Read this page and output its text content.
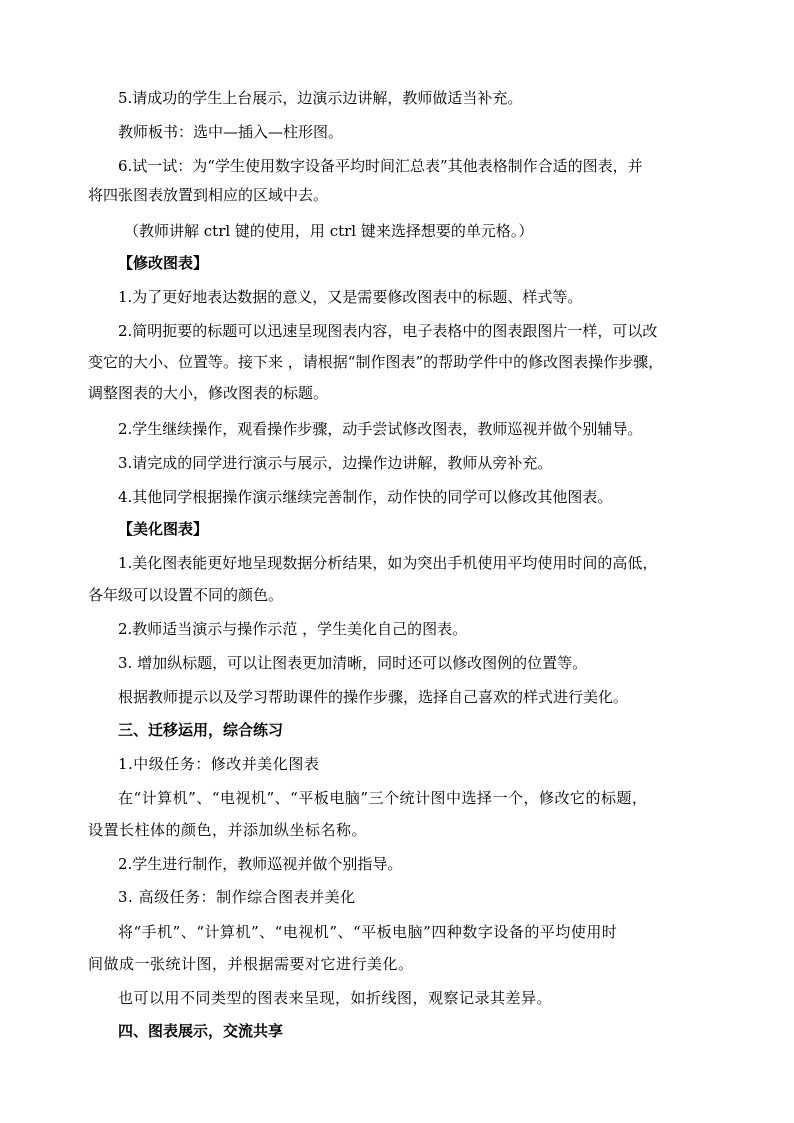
5.请成功的学生上台展示，边演示边讲解，教师做适当补充。
教师板书：选中—插入—柱形图。
6.试一试：为“学生使用数字设备平均时间汇总表”其他表格制作合适的图表，并
将四张图表放置到相应的区域中去。
（教师讲解 ctrl 键的使用，用 ctrl 键来选择想要的单元格。）
【修改图表】
1.为了更好地表达数据的意义，又是需要修改图表中的标题、样式等。
2.简明扼要的标题可以迅速呈现图表内容，电子表格中的图表跟图片一样，可以改
变它的大小、位置等。接下来 ，请根据“制作图表”的帮助学件中的修改图表操作步骤，
调整图表的大小，修改图表的标题。
2.学生继续操作，观看操作步骤，动手尝试修改图表，教师巡视并做个别辅导。
3.请完成的同学进行演示与展示，边操作边讲解，教师从旁补充。
4.其他同学根据操作演示继续完善制作，动作快的同学可以修改其他图表。
【美化图表】
1.美化图表能更好地呈现数据分析结果，如为突出手机使用平均使用时间的高低，
各年级可以设置不同的颜色。
2.教师适当演示与操作示范 ，学生美化自己的图表。
3. 增加纵标题，可以让图表更加清晰，同时还可以修改图例的位置等。
根据教师提示以及学习帮助课件的操作步骤，选择自己喜欢的样式进行美化。
三、迁移运用，综合练习
1.中级任务：修改并美化图表
在“计算机”、“电视机”、“平板电脑”三个统计图中选择一个，修改它的标题，
设置长柱体的颜色，并添加纵坐标名称。
2.学生进行制作，教师巡视并做个别指导。
3. 高级任务：制作综合图表并美化
将“手机”、“计算机”、“电视机”、“平板电脑”四种数字设备的平均使用时
间做成一张统计图，并根据需要对它进行美化。
也可以用不同类型的图表来呈现，如折线图，观察记录其差异。
四、图表展示，交流共享
